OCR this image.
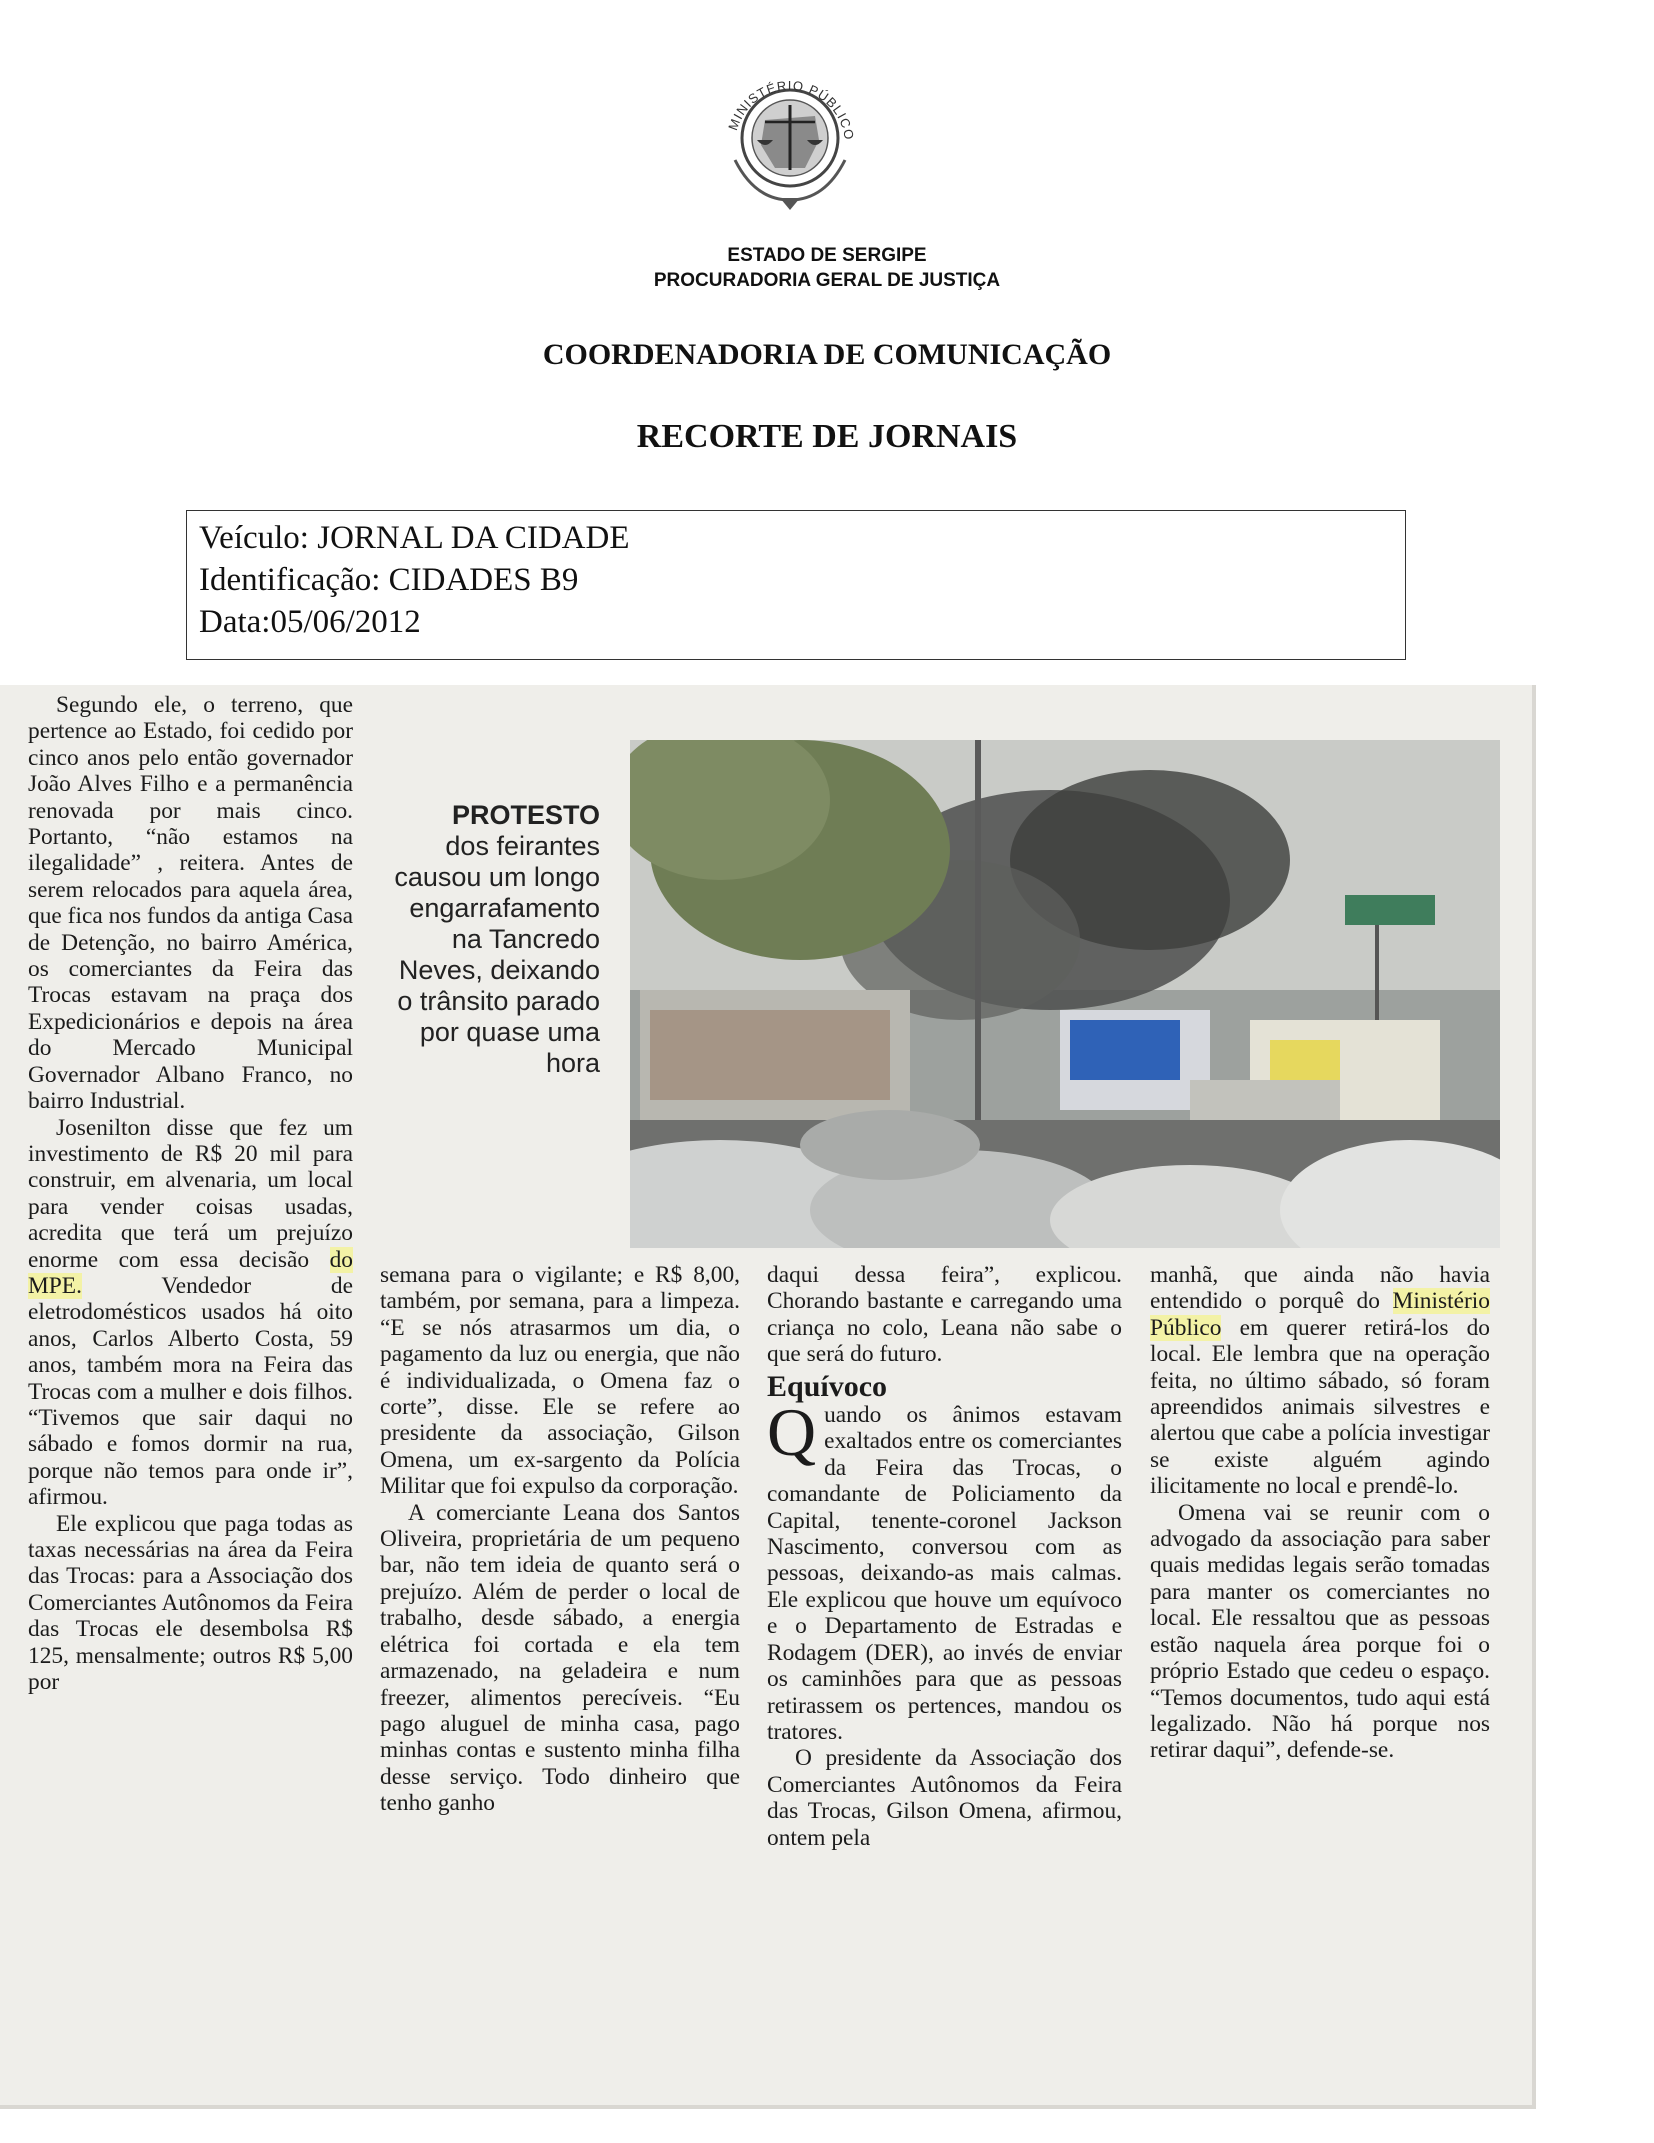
MINISTÉRIO PÚBLICO
ESTADO DE SERGIPE
PROCURADORIA GERAL DE JUSTIÇA
COORDENADORIA DE COMUNICAÇÃO
RECORTE DE JORNAIS
Veículo: JORNAL DA CIDADE
Identificação: CIDADES B9
Data:05/06/2012
PROTESTO
dos feirantes causou um longo engarrafamento na Tancredo Neves, deixando o trânsito parado por quase uma hora

Segundo ele, o terreno, que pertence ao Estado, foi cedido por cinco anos pelo então governador João Alves Filho e a permanência renovada por mais cinco. Portanto, “não estamos na ilegalidade” , reitera. Antes de serem relocados para aquela área, que fica nos fundos da antiga Casa de Detenção, no bairro América, os comerciantes da Feira das Trocas estavam na praça dos Expedicionários e depois na área do Mercado Municipal Governador Albano Franco, no bairro Industrial.

Josenilton disse que fez um investimento de R$ 20 mil para construir, em alvenaria, um local para vender coisas usadas, acredita que terá um prejuízo enorme com essa decisão do MPE.	Vendedor de eletrodomésticos usados há oito anos, Carlos Alberto Costa, 59 anos, também mora na Feira das Trocas com a mulher e dois filhos. “Tivemos que sair daqui no sábado e fomos dormir na rua, porque não temos para onde ir”, afirmou.

Ele explicou que paga todas as taxas necessárias na área da Feira das Trocas: para a Associação dos Comerciantes Autônomos da Feira das Trocas ele desembolsa R$ 125, mensalmente; outros R$ 5,00 por

semana para o vigilante; e R$ 8,00, também, por semana, para a limpeza. “E se nós atrasarmos um dia, o pagamento da luz ou energia, que não é individualizada, o Omena faz o corte”, disse. Ele se refere ao presidente da associação, Gilson Omena, um ex-sargento da Polícia Militar que foi expulso da corporação.

A comerciante Leana dos Santos Oliveira, proprietária de um pequeno bar, não tem ideia de quanto será o prejuízo. Além de perder o local de trabalho, desde sábado, a energia elétrica foi cortada e ela tem armazenado, na geladeira e num freezer, alimentos perecíveis. “Eu pago aluguel de minha casa, pago minhas contas e sustento minha filha desse serviço. Todo dinheiro que tenho ganho

daqui dessa feira”, explicou. Chorando bastante e carregando uma criança no colo, Leana não sabe o que será do futuro.

Equívoco

Quando os ânimos estavam exaltados entre os comerciantes da Feira das Trocas, o comandante de Policiamento da Capital, tenente-coronel Jackson Nascimento, conversou com as pessoas, deixando-as mais calmas. Ele explicou que houve um equívoco e o Departamento de Estradas e Rodagem (DER), ao invés de enviar os caminhões para que as pessoas retirassem os pertences, mandou os tratores.

O presidente da Associação dos Comerciantes Autônomos da Feira das Trocas, Gilson Omena, afirmou, ontem pela

manhã, que ainda não havia entendido o porquê do Ministério Público em querer retirá-los do local. Ele lembra que na operação feita, no último sábado, só foram apreendidos animais silvestres e alertou que cabe a polícia investigar se existe alguém agindo ilicitamente no local e prendê-lo.

Omena vai se reunir com o advogado da associação para saber quais medidas legais serão tomadas para manter os comerciantes no local. Ele ressaltou que as pessoas estão naquela área porque foi o próprio Estado que cedeu o espaço. “Temos documentos, tudo aqui está legalizado. Não há porque nos retirar daqui”, defende-se.
